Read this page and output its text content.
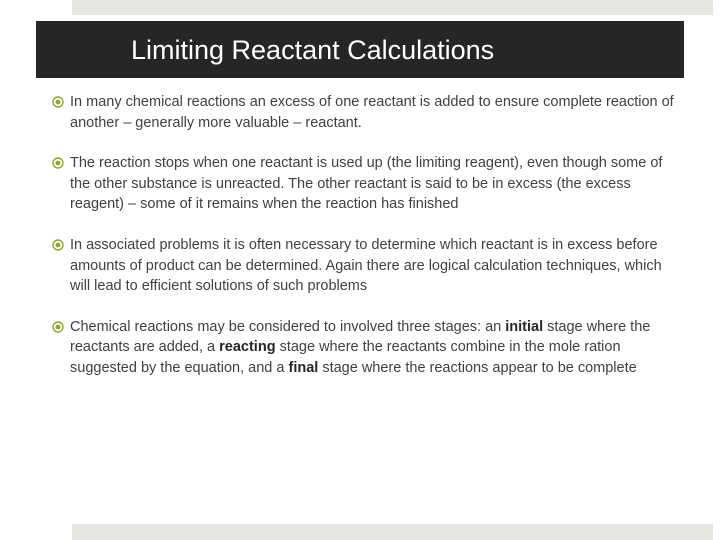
Limiting Reactant Calculations
In many chemical reactions an excess of one reactant is added to ensure complete reaction of another – generally more valuable – reactant.
The reaction stops when one reactant is used up (the limiting reagent), even though some of the other substance is unreacted. The other reactant is said to be in excess (the excess reagent) – some of it remains when the reaction has finished
In associated problems it is often necessary to determine which reactant is in excess before amounts of product can be determined. Again there are logical calculation techniques, which will lead to efficient solutions of such problems
Chemical reactions may be considered to involved three stages: an initial stage where the reactants are added, a reacting stage where the reactants combine in the mole ration suggested by the equation, and a final stage where the reactions appear to be complete
